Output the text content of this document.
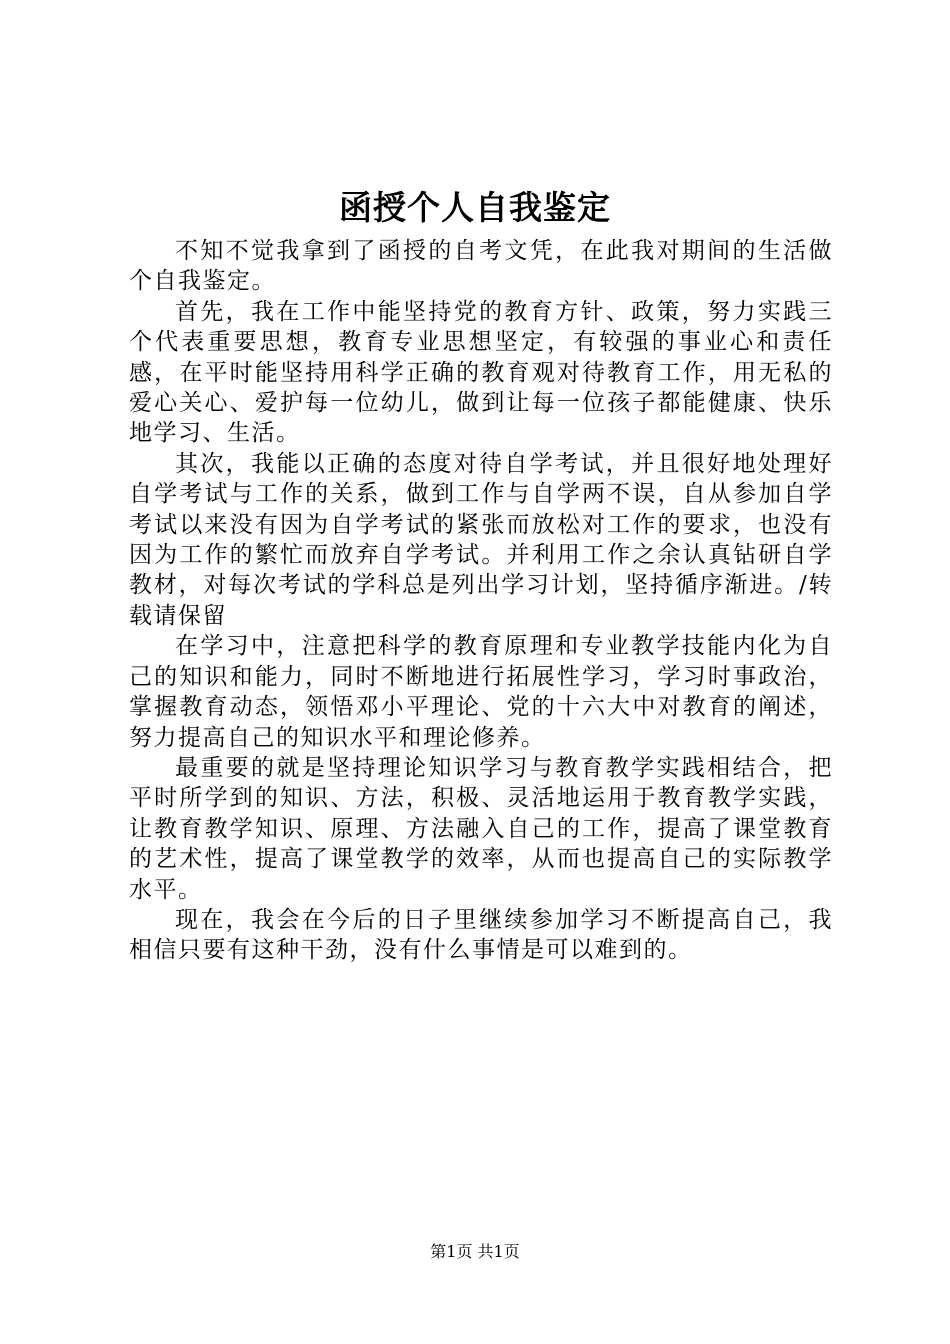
函授个人自我鉴定

不知不觉我拿到了函授的自考文凭，在此我对期间的生活做个自我鉴定。

首先，我在工作中能坚持党的教育方针、政策，努力实践三个代表重要思想，教育专业思想坚定，有较强的事业心和责任感，在平时能坚持用科学正确的教育观对待教育工作，用无私的爱心关心、爱护每一位幼儿，做到让每一位孩子都能健康、快乐地学习、生活。

其次，我能以正确的态度对待自学考试，并且很好地处理好自学考试与工作的关系，做到工作与自学两不误，自从参加自学考试以来没有因为自学考试的紧张而放松对工作的要求，也没有因为工作的繁忙而放弃自学考试。并利用工作之余认真钻研自学教材，对每次考试的学科总是列出学习计划，坚持循序渐进。/转载请保留

在学习中，注意把科学的教育原理和专业教学技能内化为自己的知识和能力，同时不断地进行拓展性学习，学习时事政治，掌握教育动态，领悟邓小平理论、党的十六大中对教育的阐述，努力提高自己的知识水平和理论修养。

最重要的就是坚持理论知识学习与教育教学实践相结合，把平时所学到的知识、方法，积极、灵活地运用于教育教学实践，让教育教学知识、原理、方法融入自己的工作，提高了课堂教育的艺术性，提高了课堂教学的效率，从而也提高自己的实际教学水平。

现在，我会在今后的日子里继续参加学习不断提高自己，我相信只要有这种干劲，没有什么事情是可以难到的。

第1页 共1页
